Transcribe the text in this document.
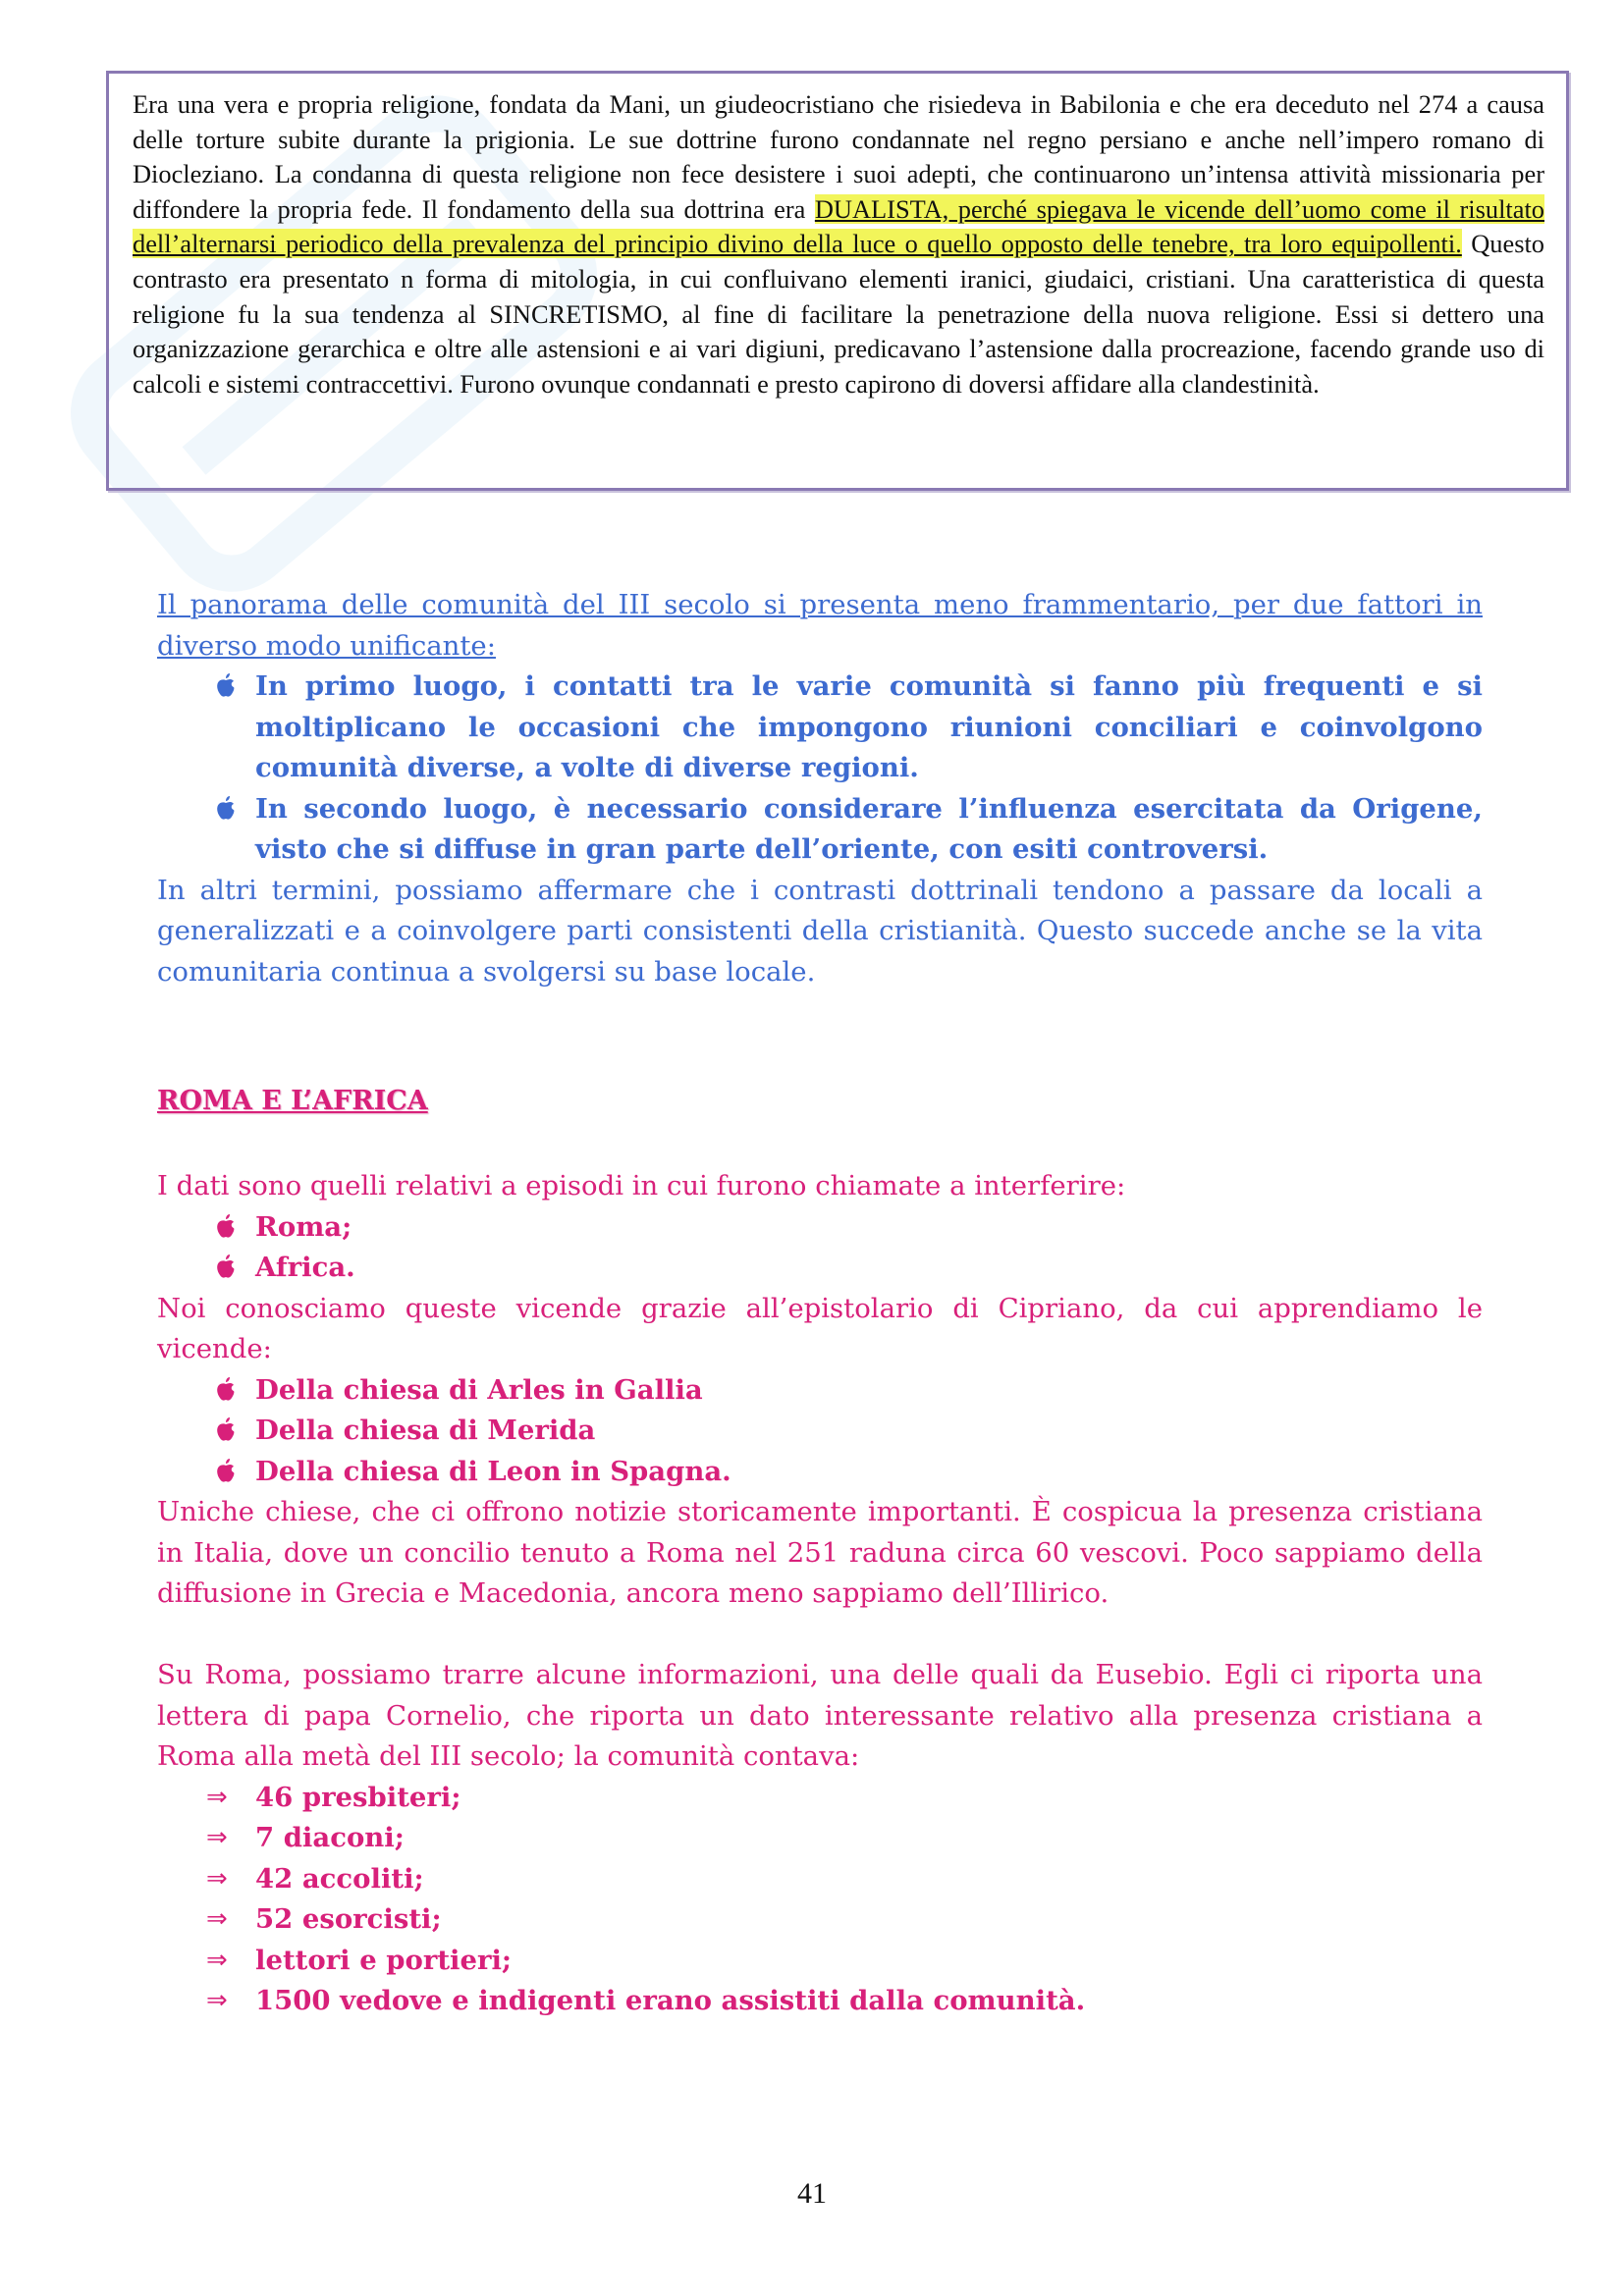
Era una vera e propria religione, fondata da Mani, un giudeocristiano che risiedeva in Babilonia e che era deceduto nel 274 a causa delle torture subite durante la prigionia. Le sue dottrine furono condannate nel regno persiano e anche nell’impero romano di Diocleziano. La condanna di questa religione non fece desistere i suoi adepti, che continuarono un’intensa attività missionaria per diffondere la propria fede. Il fondamento della sua dottrina era DUALISTA, perché spiegava le vicende dell’uomo come il risultato dell’alternarsi periodico della prevalenza del principio divino della luce o quello opposto delle tenebre, tra loro equipollenti. Questo contrasto era presentato n forma di mitologia, in cui confluivano elementi iranici, giudaici, cristiani. Una caratteristica di questa religione fu la sua tendenza al SINCRETISMO, al fine di facilitare la penetrazione della nuova religione. Essi si dettero una organizzazione gerarchica e oltre alle astensioni e ai vari digiuni, predicavano l’astensione dalla procreazione, facendo grande uso di calcoli e sistemi contraccettivi. Furono ovunque condannati e presto capirono di doversi affidare alla clandestinità.

Il panorama delle comunità del III secolo si presenta meno frammentario, per due fattori in diverso modo unificante:

In primo luogo, i contatti tra le varie comunità si fanno più frequenti e si moltiplicano le occasioni che impongono riunioni conciliari e coinvolgono comunità diverse, a volte di diverse regioni.
In secondo luogo, è necessario considerare l’influenza esercitata da Origene, visto che si diffuse in gran parte dell’oriente, con esiti controversi.

In altri termini, possiamo affermare che i contrasti dottrinali tendono a passare da locali a generalizzati e a coinvolgere parti consistenti della cristianità. Questo succede anche se la vita comunitaria continua a svolgersi su base locale.

ROMA E L’AFRICA

I dati sono quelli relativi a episodi in cui furono chiamate a interferire:

Roma;
Africa.

Noi conosciamo queste vicende grazie all’epistolario di Cipriano, da cui apprendiamo le vicende:

Della chiesa di Arles in Gallia
Della chiesa di Merida
Della chiesa di Leon in Spagna.

Uniche chiese, che ci offrono notizie storicamente importanti. È cospicua la presenza cristiana in Italia, dove un concilio tenuto a Roma nel 251 raduna circa 60 vescovi. Poco sappiamo della diffusione in Grecia e Macedonia, ancora meno sappiamo dell’Illirico.

Su Roma, possiamo trarre alcune informazioni, una delle quali da Eusebio. Egli ci riporta una lettera di papa Cornelio, che riporta un dato interessante relativo alla presenza cristiana a Roma alla metà del III secolo; la comunità contava:

⇒ 46 presbiteri;
⇒ 7 diaconi;
⇒ 42 accoliti;
⇒ 52 esorcisti;
⇒ lettori e portieri;
⇒ 1500 vedove e indigenti erano assistiti dalla comunità.
41
